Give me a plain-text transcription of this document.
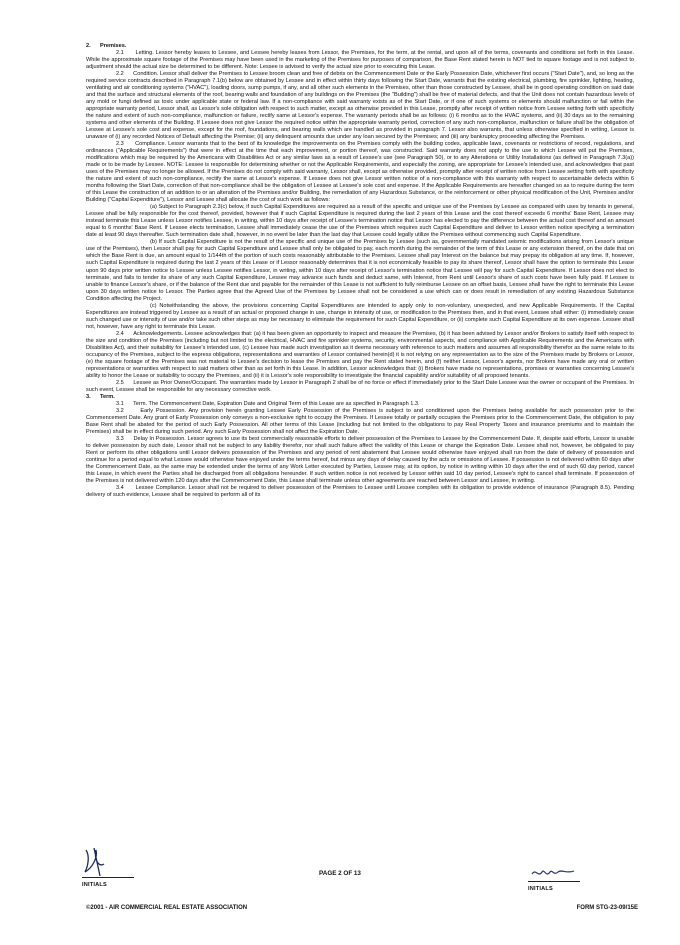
2.      Premises.

2.1      Letting. Lessor hereby leases to Lessee, and Lessee hereby leases from Lessor, the Premises, for the term, at the rental, and upon all of the terms, covenants and conditions set forth in this Lease. While the approximate square footage of the Premises may have been used in the marketing of the Premises for purposes of comparison, the Base Rent stated herein is NOT tied to square footage and is not subject to adjustment should the actual size be determined to be different. Note: Lessee is advised to verify the actual size prior to executing this Lease.

2.2      Condition. Lessor shall deliver the Premises to Lessee broom clean and free of debris on the Commencement Date or the Early Possession Date, whichever first occurs ("Start Date"), and, so long as the required service contracts described in Paragraph 7.1(b) below are obtained by Lessee and in effect within thirty days following the Start Date, warrants that the existing electrical, plumbing, fire sprinkler, lighting, heating, ventilating and air conditioning systems ("HVAC"), loading doors, sump pumps, if any, and all other such elements in the Premises, other than those constructed by Lessee, shall be in good operating condition on said date and that the surface and structural elements of the roof, bearing walls and foundation of any buildings on the Premises (the "Building") shall be free of material defects, and that the Unit does not contain hazardous levels of any mold or fungi defined as toxic under applicable state or federal law. If a non-compliance with said warranty exists as of the Start Date, or if one of such systems or elements should malfunction or fail within the appropriate warranty period, Lessor shall, as Lessor's sole obligation with respect to such matter, except as otherwise provided in this Lease, promptly after receipt of written notice from Lessee setting forth with specificity the nature and extent of such non-compliance, malfunction or failure, rectify same at Lessor's expense. The warranty periods shall be as follows: (i) 6 months as to the HVAC systems, and (ii) 30 days as to the remaining systems and other elements of the Building. If Lessee does not give Lessor the required notice within the appropriate warranty period, correction of any such non-compliance, malfunction or failure shall be the obligation of Lessee at Lessee's sole cost and expense, except for the roof, foundations, and bearing walls which are handled as provided in paragraph 7. Lessor also warrants, that unless otherwise specified in writing, Lessor is unaware of (i) any recorded Notices of Default affecting the Premise; (ii) any delinquent amounts due under any loan secured by the Premises; and (iii) any bankruptcy proceeding affecting the Premises.

2.3      Compliance. Lessor warrants that to the best of its knowledge the improvements on the Premises comply with the building codes, applicable laws, covenants or restrictions of record, regulations, and ordinances ("Applicable Requirements") that were in effect at the time that each improvement, or portion thereof, was constructed. Said warranty does not apply to the use to which Lessee will put the Premises, modifications which may be required by the Americans with Disabilities Act or any similar laws as a result of Lessee's use (see Paragraph 50), or to any Alterations or Utility Installations (as defined in Paragraph 7.3(a)) made or to be made by Lessee. NOTE: Lessee is responsible for determining whether or not the Applicable Requirements, and especially the zoning, are appropriate for Lessee's intended use, and acknowledges that past uses of the Premises may no longer be allowed. If the Premises do not comply with said warranty, Lessor shall, except as otherwise provided, promptly after receipt of written notice from Lessee setting forth with specificity the nature and extent of such non-compliance, rectify the same at Lessor's expense. If Lessee does not give Lessor written notice of a non-compliance with this warranty with respect to ascertainable defects within 6 months following the Start Date, correction of that non-compliance shall be the obligation of Lessee at Lessee's sole cost and expense. If the Applicable Requirements are hereafter changed so as to require during the term of this Lease the construction of an addition to or an alteration of the Premises and/or Building, the remediation of any Hazardous Substance, or the reinforcement or other physical modification of the Unit, Premises and/or Building ("Capital Expenditure"), Lessor and Lessee shall allocate the cost of such work as follows:

(a) Subject to Paragraph 2.3(c) below, if such Capital Expenditures are required as a result of the specific and unique use of the Premises by Lessee as compared with uses by tenants in general, Lessee shall be fully responsible for the cost thereof, provided, however that if such Capital Expenditure is required during the last 2 years of this Lease and the cost thereof exceeds 6 months' Base Rent, Lessee may instead terminate this Lease unless Lessor notifies Lessee, in writing, within 10 days after receipt of Lessee's termination notice that Lessor has elected to pay the difference between the actual cost thereof and an amount equal to 6 months' Base Rent. If Lessee elects termination, Lessee shall immediately cease the use of the Premises which requires such Capital Expenditure and deliver to Lessor written notice specifying a termination date at least 90 days thereafter. Such termination date shall, however, in no event be later than the last day that Lessee could legally utilize the Premises without commencing such Capital Expenditure.

(b) If such Capital Expenditure is not the result of the specific and unique use of the Premises by Lessee (such as, governmentally mandated seismic modifications arising from Lessor's unique use of the Premises), then Lessor shall pay for such Capital Expenditure and Lessee shall only be obligated to pay, each month during the remainder of the term of this Lease or any extension thereof, on the date that on which the Base Rent is due, an amount equal to 1/144th of the portion of such costs reasonably attributable to the Premises. Lessee shall pay Interest on the balance but may prepay its obligation at any time. If, however, such Capital Expenditure is required during the last 2 years of this Lease or if Lessor reasonably determines that it is not economically feasible to pay its share thereof, Lessor shall have the option to terminate this Lease upon 90 days prior written notice to Lessee unless Lessee notifies Lessor, in writing, within 10 days after receipt of Lessor's termination notice that Lessee will pay for such Capital Expenditure. If Lessor does not elect to terminate, and fails to tender its share of any such Capital Expenditure, Lessee may advance such funds and deduct same, with Interest, from Rent until Lessor's share of such costs have been fully paid. If Lessee is unable to finance Lessor's share, or if the balance of the Rent due and payable for the remainder of this Lease is not sufficient to fully reimburse Lessee on an offset basis, Lessee shall have the right to terminate this Lease upon 30 days written notice to Lessor. The Parties agree that the Agreed Use of the Premises by Lessee shall not be considered a use which can or does result in remediation of any existing Hazardous Substance Condition affecting the Project.

(c) Notwithstanding the above, the provisions concerning Capital Expenditures are intended to apply only to non-voluntary, unexpected, and new Applicable Requirements. If the Capital Expenditures are instead triggered by Lessee as a result of an actual or proposed change in use, change in intensity of use, or modification to the Premises then, and in that event, Lessee shall either: (i) immediately cease such changed use or intensity of use and/or take such other steps as may be necessary to eliminate the requirement for such Capital Expenditure, or (ii) complete such Capital Expenditure at its own expense. Lessee shall not, however, have any right to terminate this Lease.

2.4      Acknowledgements. Lessee acknowledges that: (a) it has been given an opportunity to inspect and measure the Premises, (b) it has been advised by Lessor and/or Brokers to satisfy itself with respect to the size and condition of the Premises (including but not limited to the electrical, HVAC and fire sprinkler systems, security, environmental aspects, and compliance with Applicable Requirements and the Americans with Disabilities Act), and their suitability for Lessee's intended use, (c) Lessee has made such investigation as it deems necessary with reference to such matters and assumes all responsibility therefor as the same relate to its occupancy of the Premises, subject to the express obligations, representations and warranties of Lessor contained herein(d) it is not relying on any representation as to the size of the Premises made by Brokers or Lessor, (e) the square footage of the Premises was not material to Lessee's decision to lease the Premises and pay the Rent stated herein, and (f) neither Lessor, Lessor's agents, nor Brokers have made any oral or written representations or warranties with respect to said matters other than as set forth in this Lease. In addition, Lessor acknowledges that: (i) Brokers have made no representations, promises or warranties concerning Lessee's ability to honor the Lease or suitability to occupy the Premises, and (ii) it is Lessor's sole responsibility to investigate the financial capability and/or suitability of all proposed tenants.

2.5      Lessee as Prior Owner/Occupant. The warranties made by Lessor in Paragraph 2 shall be of no force or effect if immediately prior to the Start Date Lessee was the owner or occupant of the Premises. In such event, Lessee shall be responsible for any necessary corrective work.

3.      Term.

3.1      Term. The Commencement Date, Expiration Date and Original Term of this Lease are as specified in Paragraph 1.3.

3.2      Early Possession. Any provision herein granting Lessee Early Possession of the Premises is subject to and conditioned upon the Premises being available for such possession prior to the Commencement Date. Any grant of Early Possession only conveys a non-exclusive right to occupy the Premises. If Lessee totally or partially occupies the Premises prior to the Commencement Date, the obligation to pay Base Rent shall be abated for the period of such Early Possession. All other terms of this Lease (including but not limited to the obligations to pay Real Property Taxes and insurance premiums and to maintain the Premises) shall be in effect during such period. Any such Early Possession shall not affect the Expiration Date.

3.3      Delay In Possession. Lessor agrees to use its best commercially reasonable efforts to deliver possession of the Premises to Lessee by the Commencement Date. If, despite said efforts, Lessor is unable to deliver possession by such date, Lessor shall not be subject to any liability therefor, nor shall such failure affect the validity of this Lease or change the Expiration Date. Lessee shall not, however, be obligated to pay Rent or perform its other obligations until Lessor delivers possession of the Premises and any period of rent abatement that Lessee would otherwise have enjoyed shall run from the date of delivery of possession and continue for a period equal to what Lessee would otherwise have enjoyed under the terms hereof, but minus any days of delay caused by the acts or omissions of Lessee. If possession is not delivered within 60 days after the Commencement Date, as the same may be extended under the terms of any Work Letter executed by Parties, Lessee may, at its option, by notice in writing within 10 days after the end of such 60 day period, cancel this Lease, in which event the Parties shall be discharged from all obligations hereunder. If such written notice is not received by Lessor within said 10 day period, Lessee's right to cancel shall terminate. If possession of the Premises is not delivered within 120 days after the Commencement Date, this Lease shall terminate unless other agreements are reached between Lessor and Lessee, in writing.

3.4      Lessee Compliance. Lessor shall not be required to deliver possession of the Premises to Lessee until Lessee complies with its obligation to provide evidence of insurance (Paragraph 8.5). Pending delivery of such evidence, Lessee shall be required to perform all of its

INITIALS
PAGE 2 OF 13
INITIALS
©2001 - AIR COMMERCIAL REAL ESTATE ASSOCIATION	FORM STG-23-09/15E
